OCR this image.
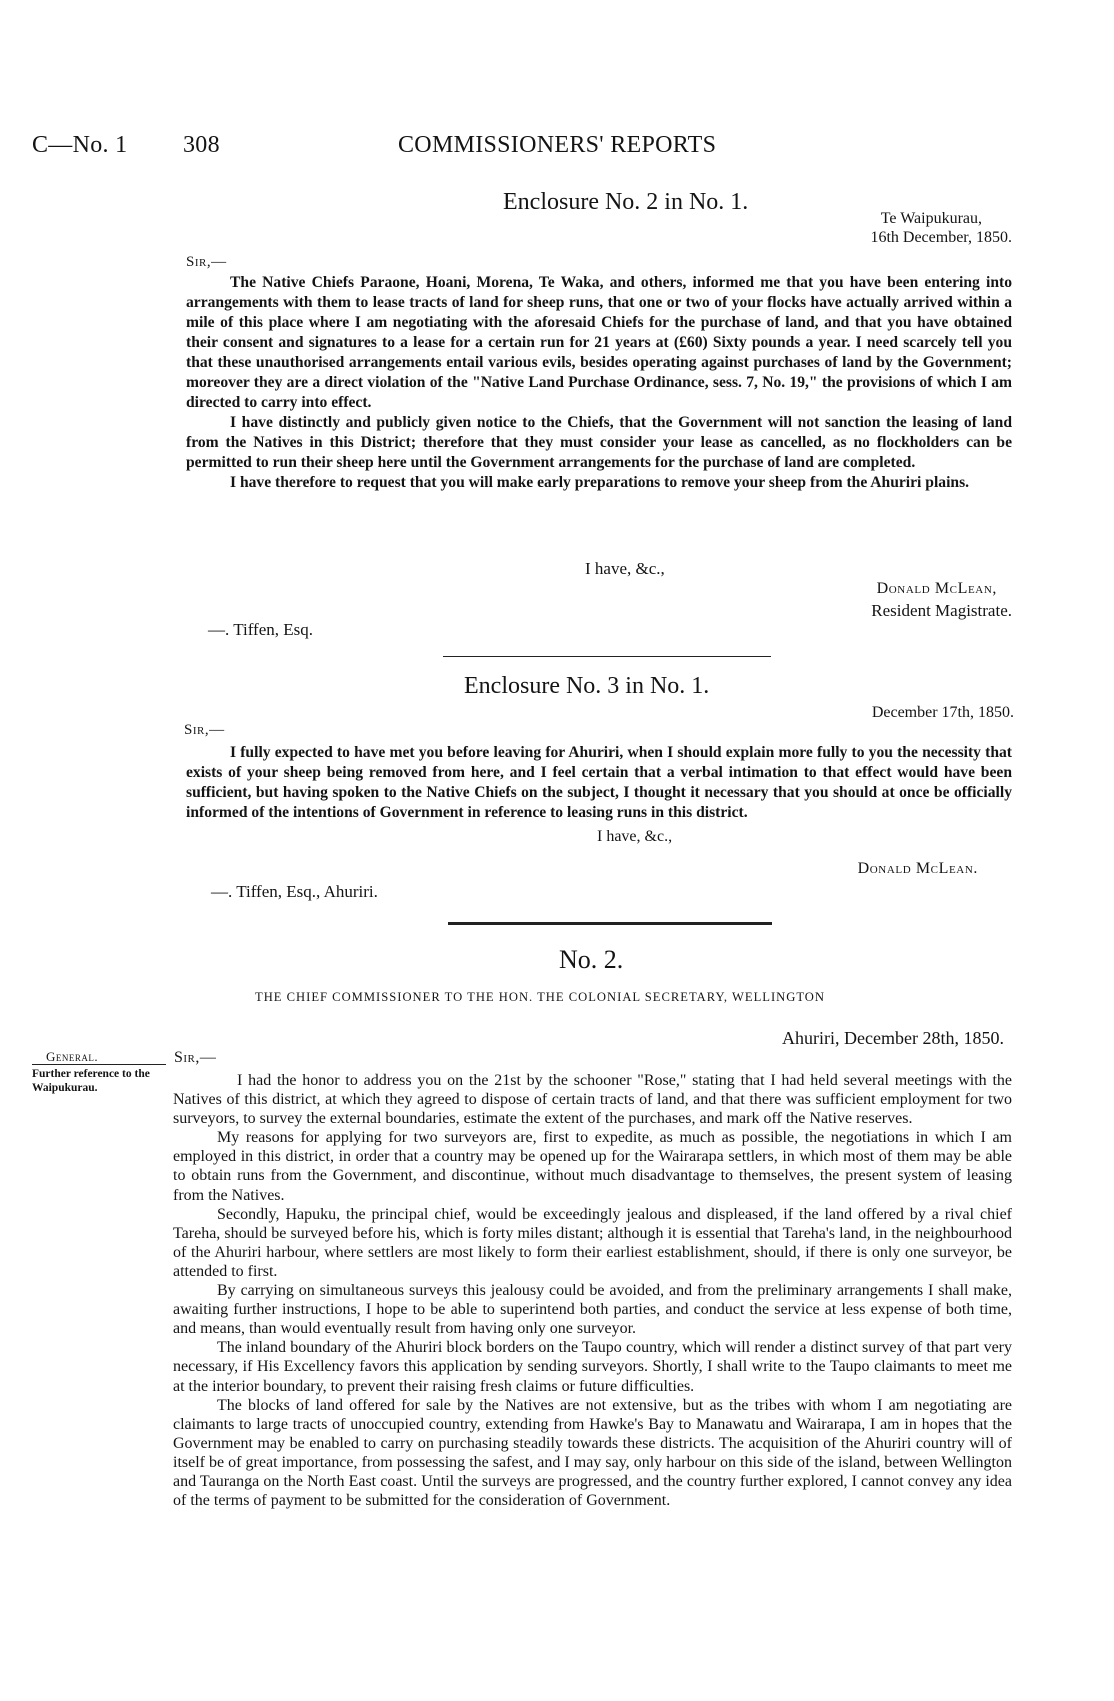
C—No. 1 308	COMMISSIONERS' REPORTS
Enclosure No. 2 in No. 1.
Te Waipukurau,
16th December, 1850.
Sir,—

The Native Chiefs Paraone, Hoani, Morena, Te Waka, and others, informed me that you have been entering into arrangements with them to lease tracts of land for sheep runs, that one or two of your flocks have actually arrived within a mile of this place where I am negotiating with the aforesaid Chiefs for the purchase of land, and that you have obtained their consent and signatures to a lease for a certain run for 21 years at (£60) Sixty pounds a year. I need scarcely tell you that these unauthorised arrangements entail various evils, besides operating against purchases of land by the Government; moreover they are a direct violation of the "Native Land Purchase Ordinance, sess. 7, No. 19," the provisions of which I am directed to carry into effect.

I have distinctly and publicly given notice to the Chiefs, that the Government will not sanction the leasing of land from the Natives in this District; therefore that they must consider your lease as cancelled, as no flockholders can be permitted to run their sheep here until the Government arrangements for the purchase of land are completed.

I have therefore to request that you will make early preparations to remove your sheep from the Ahuriri plains.

I have, &c.,
Donald McLean,
Resident Magistrate.
—. Tiffen, Esq.
Enclosure No. 3 in No. 1.
December 17th, 1850.
Sir,—

I fully expected to have met you before leaving for Ahuriri, when I should explain more fully to you the necessity that exists of your sheep being removed from here, and I feel certain that a verbal intimation to that effect would have been sufficient, but having spoken to the Native Chiefs on the subject, I thought it necessary that you should at once be officially informed of the intentions of Government in reference to leasing runs in this district.

I have, &c.,
Donald McLean.
—. Tiffen, Esq., Ahuriri.
No. 2.
THE CHIEF COMMISSIONER TO THE HON. THE COLONIAL SECRETARY, WELLINGTON
Ahuriri, December 28th, 1850.
General.
Further reference to the Waipukurau.
Sir,—

I had the honor to address you on the 21st by the schooner "Rose," stating that I had held several meetings with the Natives of this district, at which they agreed to dispose of certain tracts of land, and that there was sufficient employment for two surveyors, to survey the external boundaries, estimate the extent of the purchases, and mark off the Native reserves.

My reasons for applying for two surveyors are, first to expedite, as much as possible, the negotiations in which I am employed in this district, in order that a country may be opened up for the Wairarapa settlers, in which most of them may be able to obtain runs from the Government, and discontinue, without much disadvantage to themselves, the present system of leasing from the Natives.

Secondly, Hapuku, the principal chief, would be exceedingly jealous and displeased, if the land offered by a rival chief Tareha, should be surveyed before his, which is forty miles distant; although it is essential that Tareha's land, in the neighbourhood of the Ahuriri harbour, where settlers are most likely to form their earliest establishment, should, if there is only one surveyor, be attended to first.

By carrying on simultaneous surveys this jealousy could be avoided, and from the preliminary arrangements I shall make, awaiting further instructions, I hope to be able to superintend both parties, and conduct the service at less expense of both time, and means, than would eventually result from having only one surveyor.

The inland boundary of the Ahuriri block borders on the Taupo country, which will render a distinct survey of that part very necessary, if His Excellency favors this application by sending surveyors. Shortly, I shall write to the Taupo claimants to meet me at the interior boundary, to prevent their raising fresh claims or future difficulties.

The blocks of land offered for sale by the Natives are not extensive, but as the tribes with whom I am negotiating are claimants to large tracts of unoccupied country, extending from Hawke's Bay to Manawatu and Wairarapa, I am in hopes that the Government may be enabled to carry on purchasing steadily towards these districts. The acquisition of the Ahuriri country will of itself be of great importance, from possessing the safest, and I may say, only harbour on this side of the island, between Wellington and Tauranga on the North East coast. Until the surveys are progressed, and the country further explored, I cannot convey any idea of the terms of payment to be submitted for the consideration of Government.
